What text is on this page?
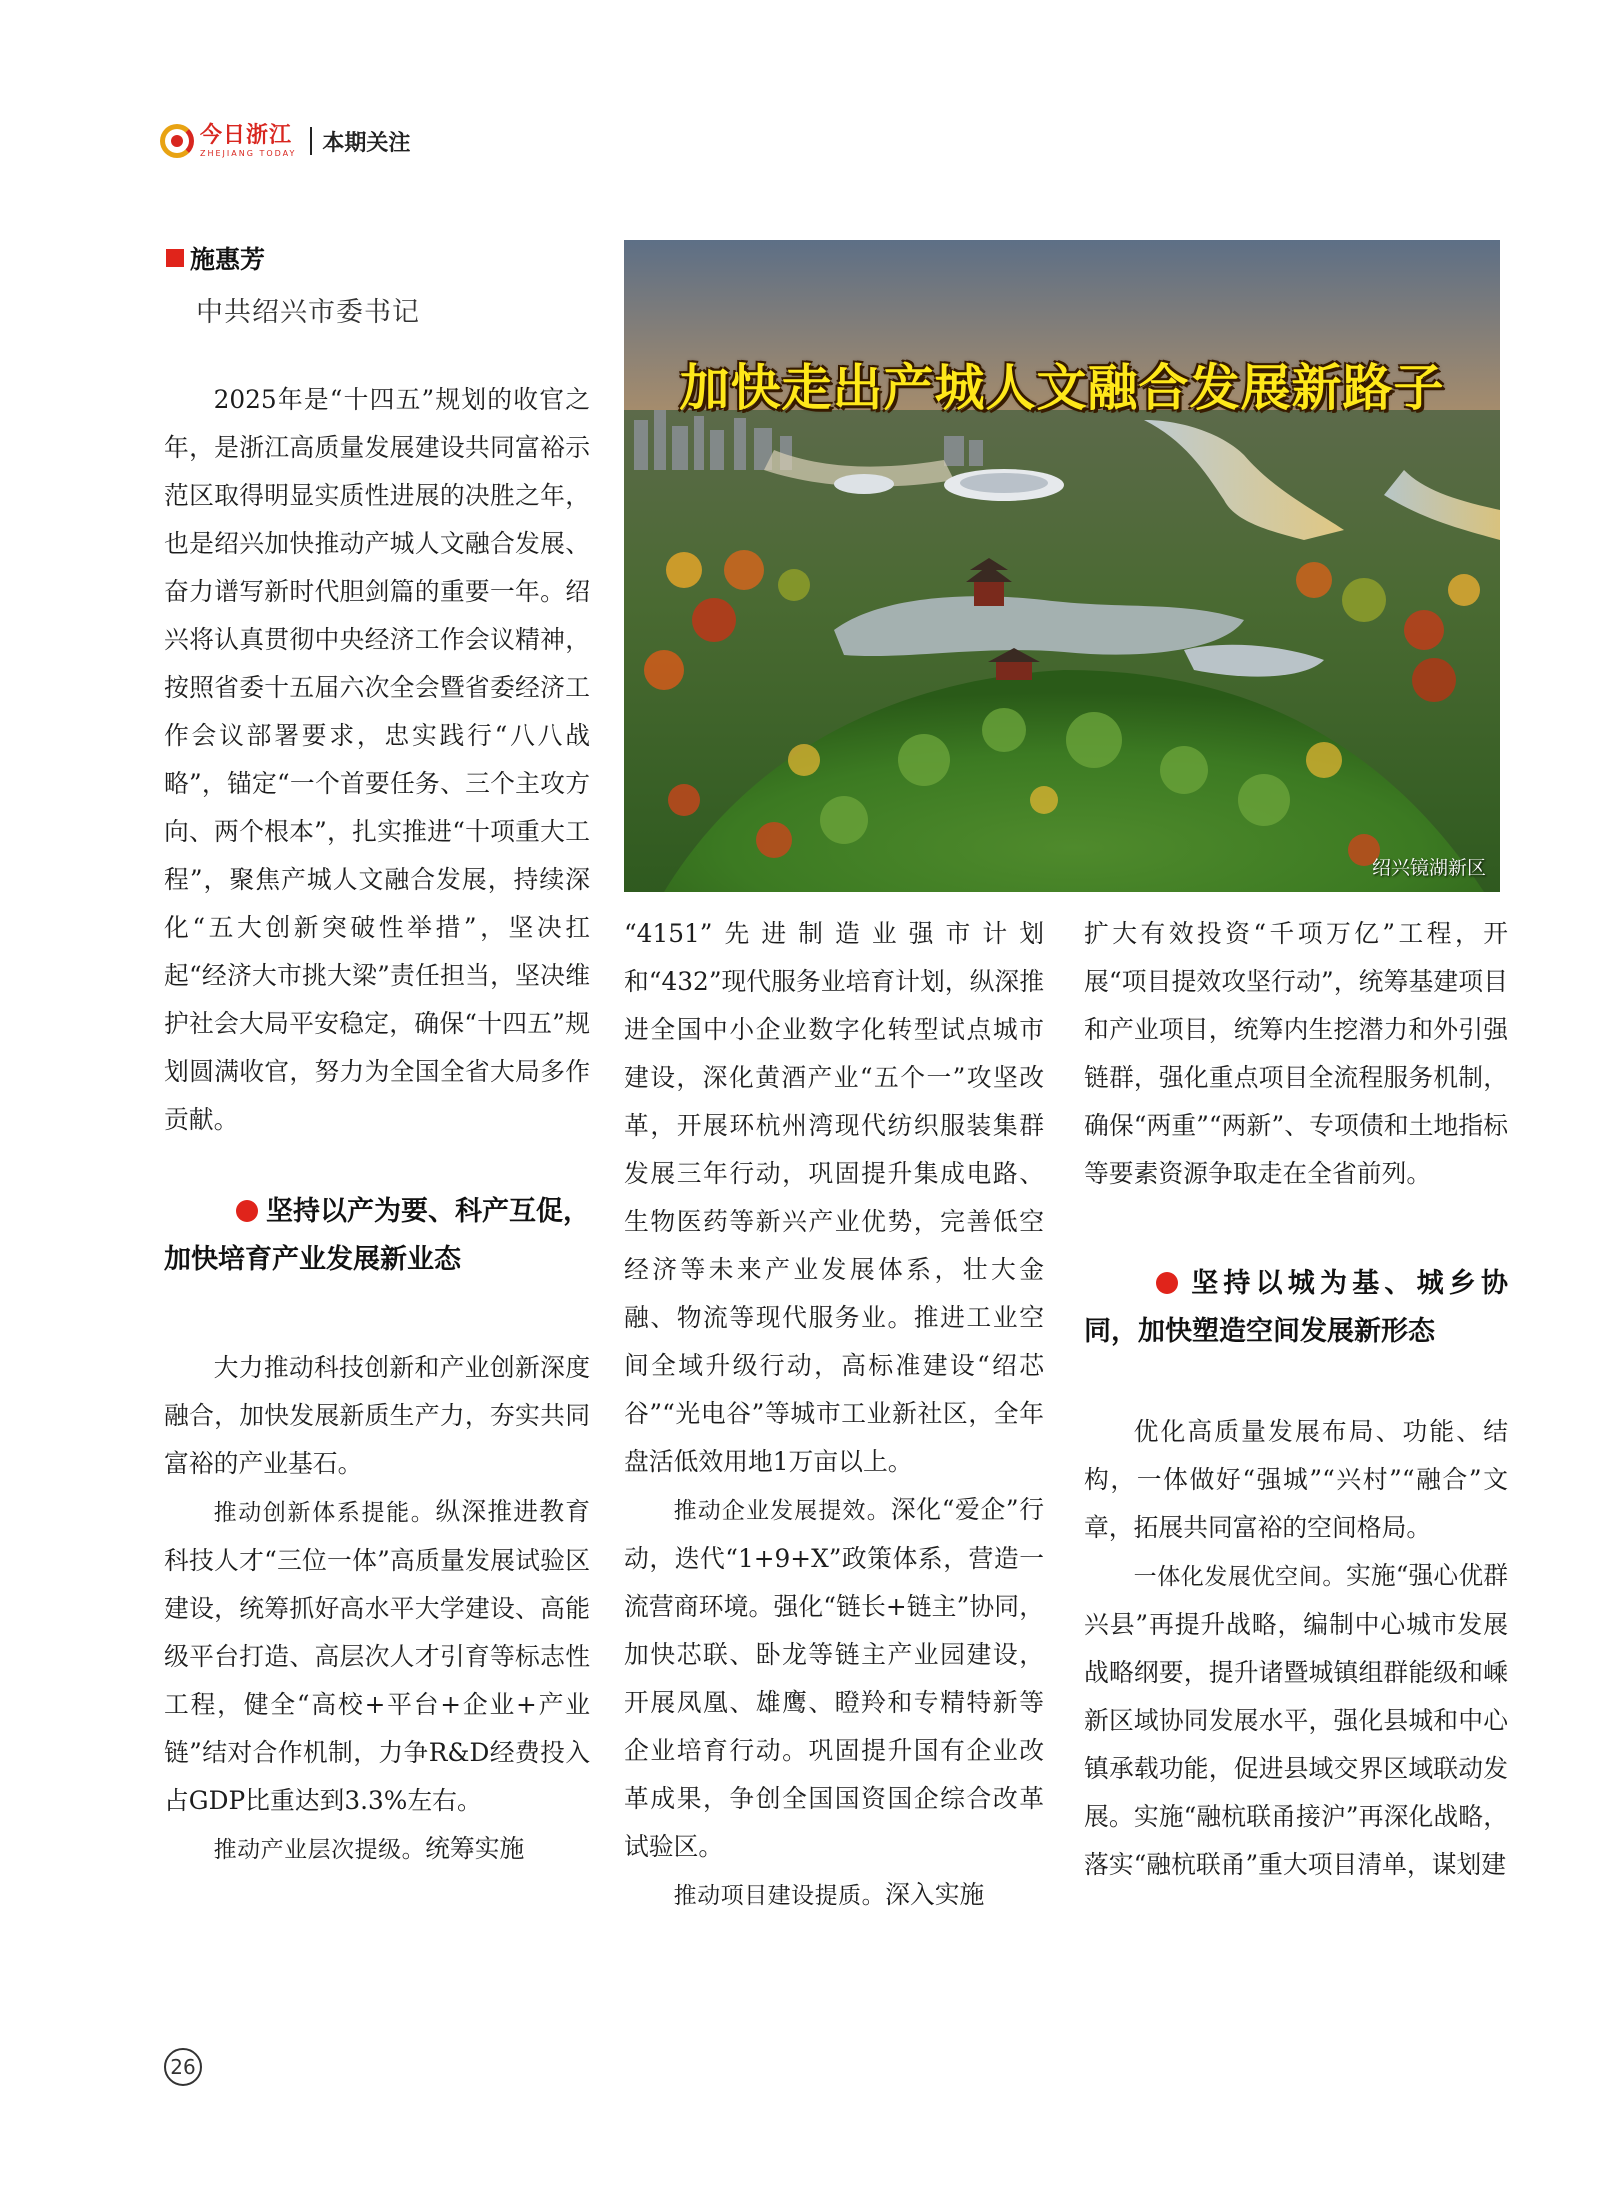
今日浙江
ZHEJIANG TODAY 本期关注
施惠芳
中共绍兴市委书记
加快走出产城人文融合发展新路子
绍兴镜湖新区

2025年是“十四五”规划的收官之年，是浙江高质量发展建设共同富裕示范区取得明显实质性进展的决胜之年，也是绍兴加快推动产城人文融合发展、奋力谱写新时代胆剑篇的重要一年。绍兴将认真贯彻中央经济工作会议精神，按照省委十五届六次全会暨省委经济工作会议部署要求，忠实践行“八八战略”，锚定“一个首要任务、三个主攻方向、两个根本”，扎实推进“十项重大工程”，聚焦产城人文融合发展，持续深化“五大创新突破性举措”，坚决扛起“经济大市挑大梁”责任担当，坚决维护社会大局平安稳定，确保“十四五”规划圆满收官，努力为全国全省大局多作贡献。

坚持以产为要、科产互促，加快培育产业发展新业态

大力推动科技创新和产业创新深度融合，加快发展新质生产力，夯实共同富裕的产业基石。

推动创新体系提能。纵深推进教育科技人才“三位一体”高质量发展试验区建设，统筹抓好高水平大学建设、高能级平台打造、高层次人才引育等标志性工程，健全“高校+平台+企业+产业链”结对合作机制，力争R&D经费投入占GDP比重达到3.3%左右。

推动产业层次提级。统筹实施

“4151”先进制造业强市计划和“432”现代服务业培育计划，纵深推进全国中小企业数字化转型试点城市建设，深化黄酒产业“五个一”攻坚改革，开展环杭州湾现代纺织服装集群发展三年行动，巩固提升集成电路、生物医药等新兴产业优势，完善低空经济等未来产业发展体系，壮大金融、物流等现代服务业。推进工业空间全域升级行动，高标准建设“绍芯谷”“光电谷”等城市工业新社区，全年盘活低效用地1万亩以上。

推动企业发展提效。深化“爱企”行动，迭代“1+9+X”政策体系，营造一流营商环境。强化“链长+链主”协同，加快芯联、卧龙等链主产业园建设，开展凤凰、雄鹰、瞪羚和专精特新等企业培育行动。巩固提升国有企业改革成果，争创全国国资国企综合改革试验区。

推动项目建设提质。深入实施

扩大有效投资“千项万亿”工程，开展“项目提效攻坚行动”，统筹基建项目和产业项目，统筹内生挖潜力和外引强链群，强化重点项目全流程服务机制，确保“两重”“两新”、专项债和土地指标等要素资源争取走在全省前列。

坚持以城为基、城乡协同，加快塑造空间发展新形态

优化高质量发展布局、功能、结构，一体做好“强城”“兴村”“融合”文章，拓展共同富裕的空间格局。

一体化发展优空间。实施“强心优群兴县”再提升战略，编制中心城市发展战略纲要，提升诸暨城镇组群能级和嵊新区域协同发展水平，强化县城和中心镇承载功能，促进县域交界区域联动发展。实施“融杭联甬接沪”再深化战略，落实“融杭联甬”重大项目清单，谋划建

26
